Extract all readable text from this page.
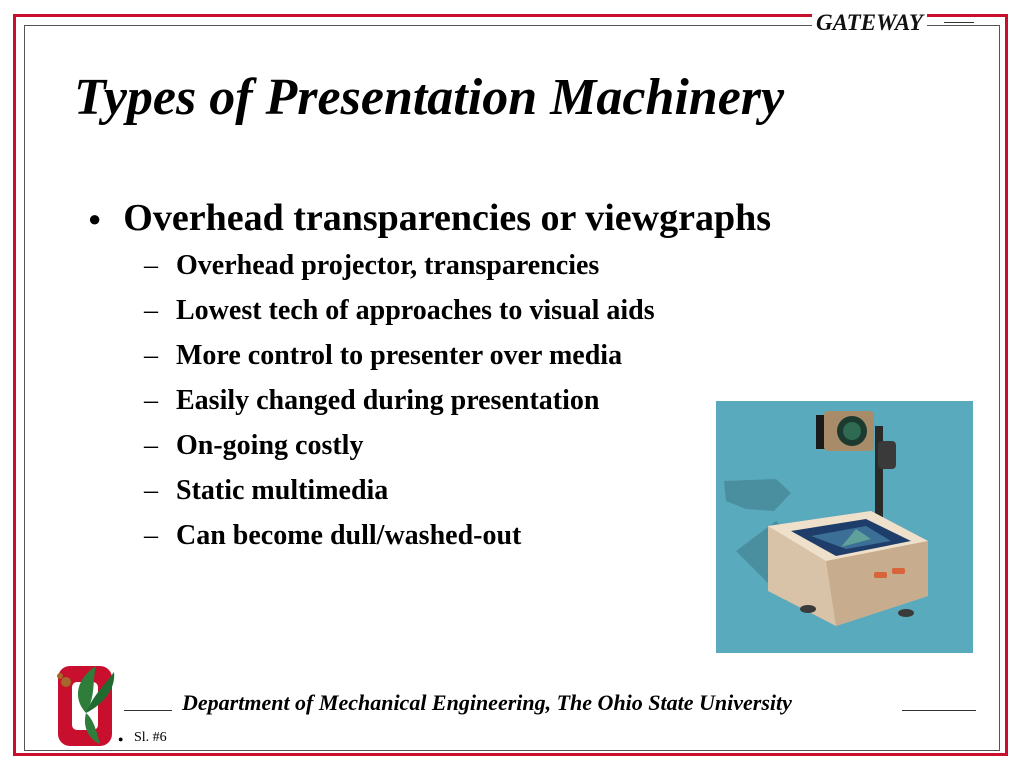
GATEWAY
Types of Presentation Machinery
● Overhead transparencies or viewgraphs
– Overhead projector, transparencies
– Lowest tech of approaches to visual aids
– More control to presenter over media
– Easily changed during presentation
– On-going costly
– Static multimedia
– Can become dull/washed-out
Department of Mechanical Engineering, The Ohio State University
● Sl. #6
